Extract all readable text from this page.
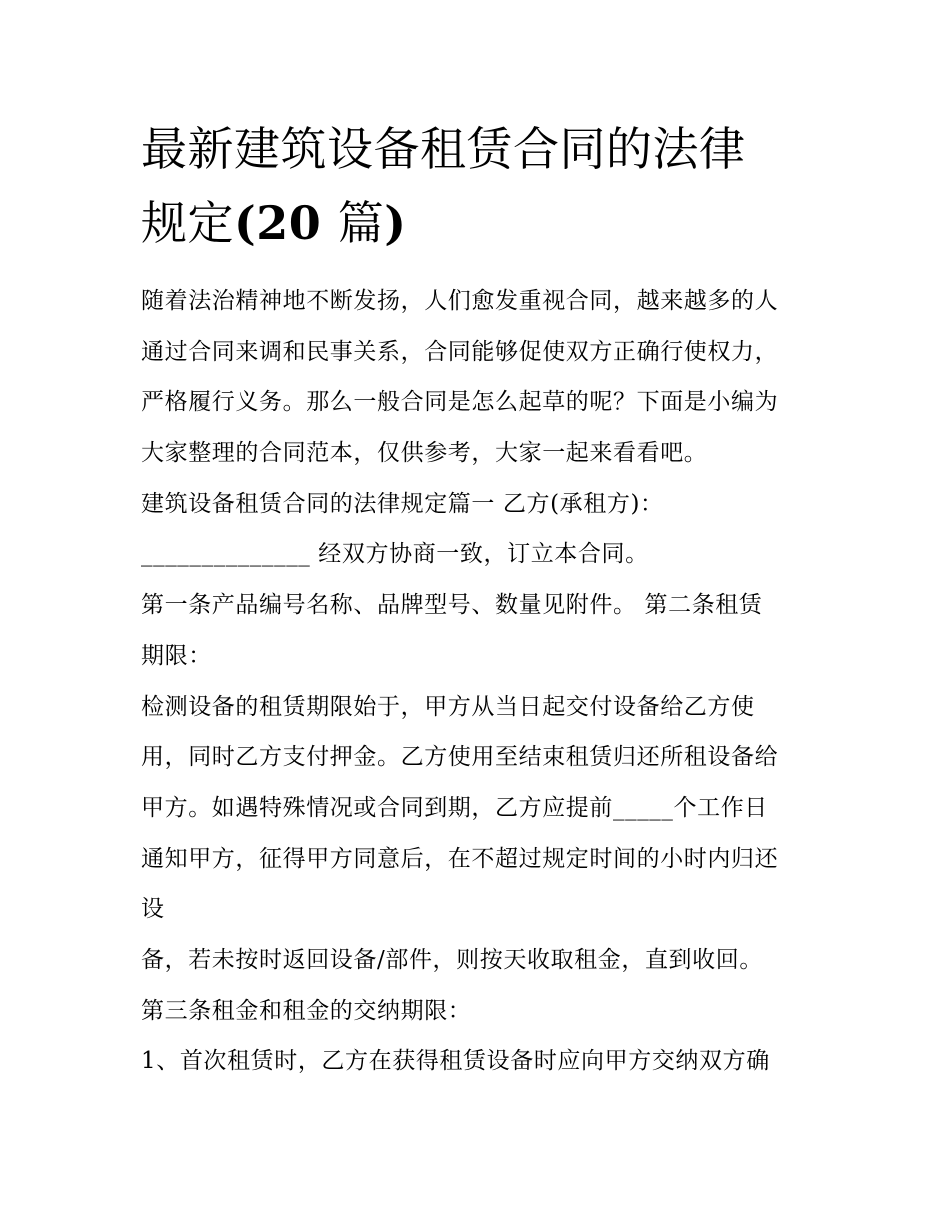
最新建筑设备租赁合同的法律
规定(20 篇)
随着法治精神地不断发扬，人们愈发重视合同，越来越多的人
通过合同来调和民事关系，合同能够促使双方正确行使权力，
严格履行义务。那么一般合同是怎么起草的呢？下面是小编为
大家整理的合同范本，仅供参考，大家一起来看看吧。
建筑设备租赁合同的法律规定篇一 乙方(承租方)：
______________ 经双方协商一致，订立本合同。
第一条产品编号名称、品牌型号、数量见附件。 第二条租赁
期限：
检测设备的租赁期限始于，甲方从当日起交付设备给乙方使
用，同时乙方支付押金。乙方使用至结束租赁归还所租设备给
甲方。如遇特殊情况或合同到期，乙方应提前_____个工作日
通知甲方，征得甲方同意后，在不超过规定时间的小时内归还
设
备，若未按时返回设备/部件，则按天收取租金，直到收回。
第三条租金和租金的交纳期限：
1、首次租赁时，乙方在获得租赁设备时应向甲方交纳双方确
